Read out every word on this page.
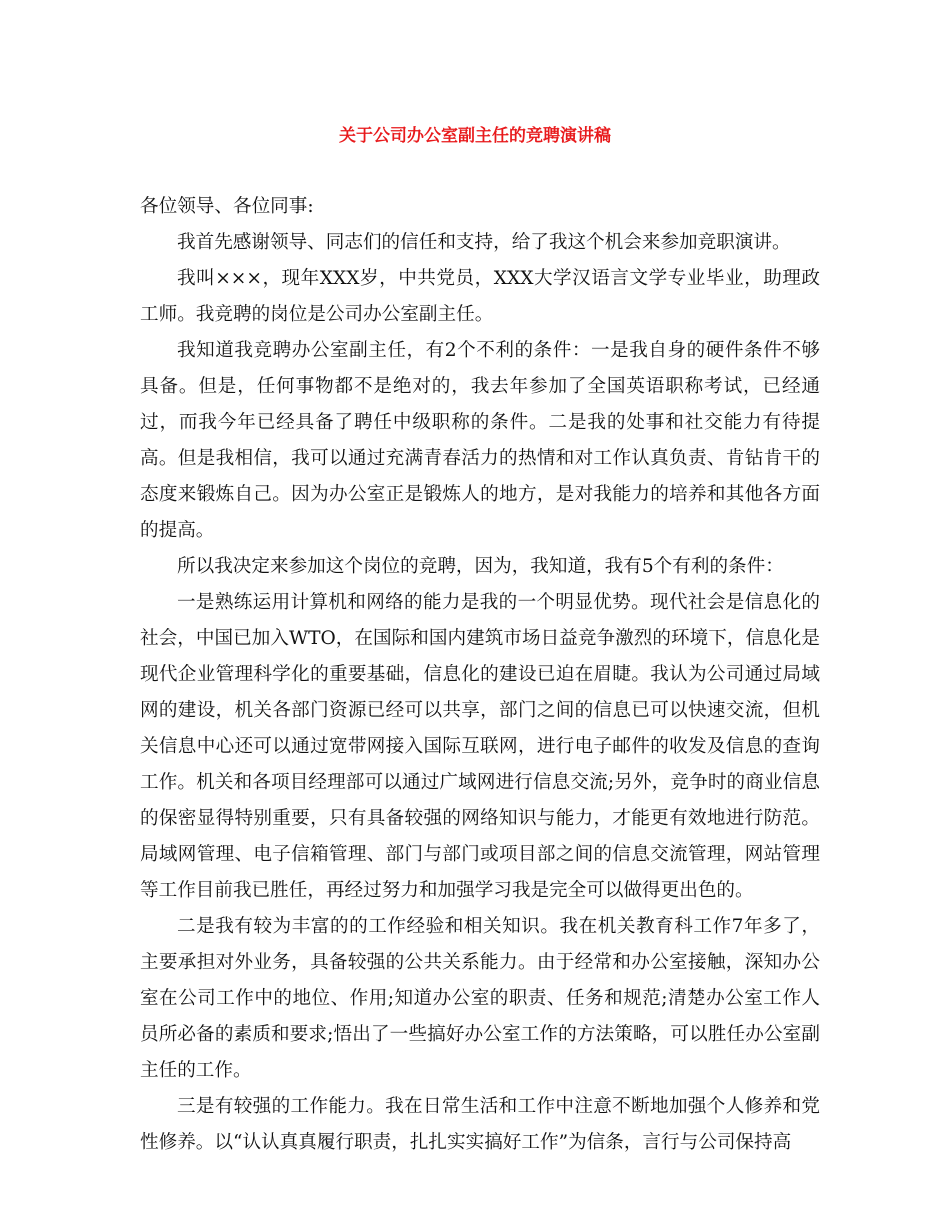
关于公司办公室副主任的竞聘演讲稿

各位领导、各位同事:

我首先感谢领导、同志们的信任和支持，给了我这个机会来参加竞职演讲。

我叫×××，现年XXX岁，中共党员，XXX大学汉语言文学专业毕业，助理政工师。我竞聘的岗位是公司办公室副主任。

我知道我竞聘办公室副主任，有2个不利的条件：一是我自身的硬件条件不够具备。但是，任何事物都不是绝对的，我去年参加了全国英语职称考试，已经通过，而我今年已经具备了聘任中级职称的条件。二是我的处事和社交能力有待提高。但是我相信，我可以通过充满青春活力的热情和对工作认真负责、肯钻肯干的态度来锻炼自己。因为办公室正是锻炼人的地方，是对我能力的培养和其他各方面的提高。

所以我决定来参加这个岗位的竞聘，因为，我知道，我有5个有利的条件：

一是熟练运用计算机和网络的能力是我的一个明显优势。现代社会是信息化的社会，中国已加入WTO，在国际和国内建筑市场日益竞争激烈的环境下，信息化是现代企业管理科学化的重要基础，信息化的建设已迫在眉睫。我认为公司通过局域网的建设，机关各部门资源已经可以共享，部门之间的信息已可以快速交流，但机关信息中心还可以通过宽带网接入国际互联网，进行电子邮件的收发及信息的查询工作。机关和各项目经理部可以通过广域网进行信息交流;另外，竞争时的商业信息的保密显得特别重要，只有具备较强的网络知识与能力，才能更有效地进行防范。局域网管理、电子信箱管理、部门与部门或项目部之间的信息交流管理，网站管理等工作目前我已胜任，再经过努力和加强学习我是完全可以做得更出色的。

二是我有较为丰富的的工作经验和相关知识。我在机关教育科工作7年多了，主要承担对外业务，具备较强的公共关系能力。由于经常和办公室接触，深知办公室在公司工作中的地位、作用;知道办公室的职责、任务和规范;清楚办公室工作人员所必备的素质和要求;悟出了一些搞好办公室工作的方法策略，可以胜任办公室副主任的工作。

三是有较强的工作能力。我在日常生活和工作中注意不断地加强个人修养和党性修养。以“认认真真履行职责，扎扎实实搞好工作”为信条，言行与公司保持高
